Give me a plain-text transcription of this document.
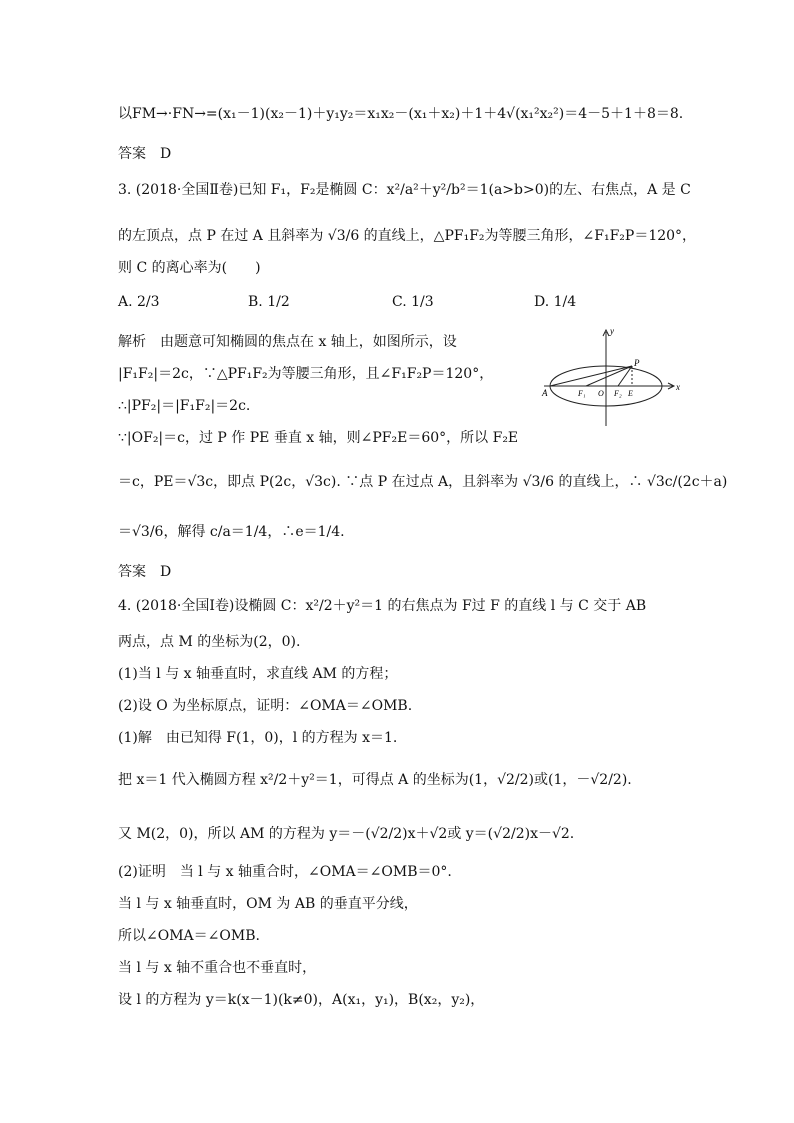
以FM→·FN→=(x₁－1)(x₂－1)＋y₁y₂＝x₁x₂－(x₁＋x₂)＋1＋4√(x₁²x₂²)＝4－5＋1＋8＝8.
答案　D
3. (2018·全国Ⅱ卷)已知 F₁，F₂是椭圆 C：x²/a²＋y²/b²＝1(a>b>0)的左、右焦点，A 是 C
的左顶点，点 P 在过 A 且斜率为 √3/6 的直线上，△PF₁F₂为等腰三角形，∠F₁F₂P＝120°，
则 C 的离心率为(　　)
A. 2/3	B. 1/2	C. 1/3	D. 1/4
解析　由题意可知椭圆的焦点在 x 轴上，如图所示，设
|F₁F₂|＝2c，∵△PF₁F₂为等腰三角形，且∠F₁F₂P＝120°，
∴|PF₂|＝|F₁F₂|＝2c.
∵|OF₂|＝c，过 P 作 PE 垂直 x 轴，则∠PF₂E＝60°，所以 F₂E
＝c，PE＝√3c，即点 P(2c，√3c). ∵点 P 在过点 A，且斜率为 √3/6 的直线上，∴ √3c/(2c＋a)
＝√3/6，解得 c/a＝1/4，∴e＝1/4.
答案　D
4. (2018·全国Ⅰ卷)设椭圆 C：x²/2＋y²＝1 的右焦点为 F过 F 的直线 l 与 C 交于 AB
两点，点 M 的坐标为(2，0).
(1)当 l 与 x 轴垂直时，求直线 AM 的方程；
(2)设 O 为坐标原点，证明：∠OMA＝∠OMB.
(1)解　由已知得 F(1，0)，l 的方程为 x＝1.
把 x＝1 代入椭圆方程 x²/2＋y²＝1，可得点 A 的坐标为(1，√2/2)或(1，－√2/2).
又 M(2，0)，所以 AM 的方程为 y＝－(√2/2)x＋√2或 y＝(√2/2)x－√2.
(2)证明　当 l 与 x 轴重合时，∠OMA＝∠OMB＝0°.
当 l 与 x 轴垂直时，OM 为 AB 的垂直平分线，
所以∠OMA＝∠OMB.
当 l 与 x 轴不重合也不垂直时，
设 l 的方程为 y＝k(x－1)(k≠0)，A(x₁，y₁)，B(x₂，y₂)，
y
x
A	F₁ O F₂ E
P
